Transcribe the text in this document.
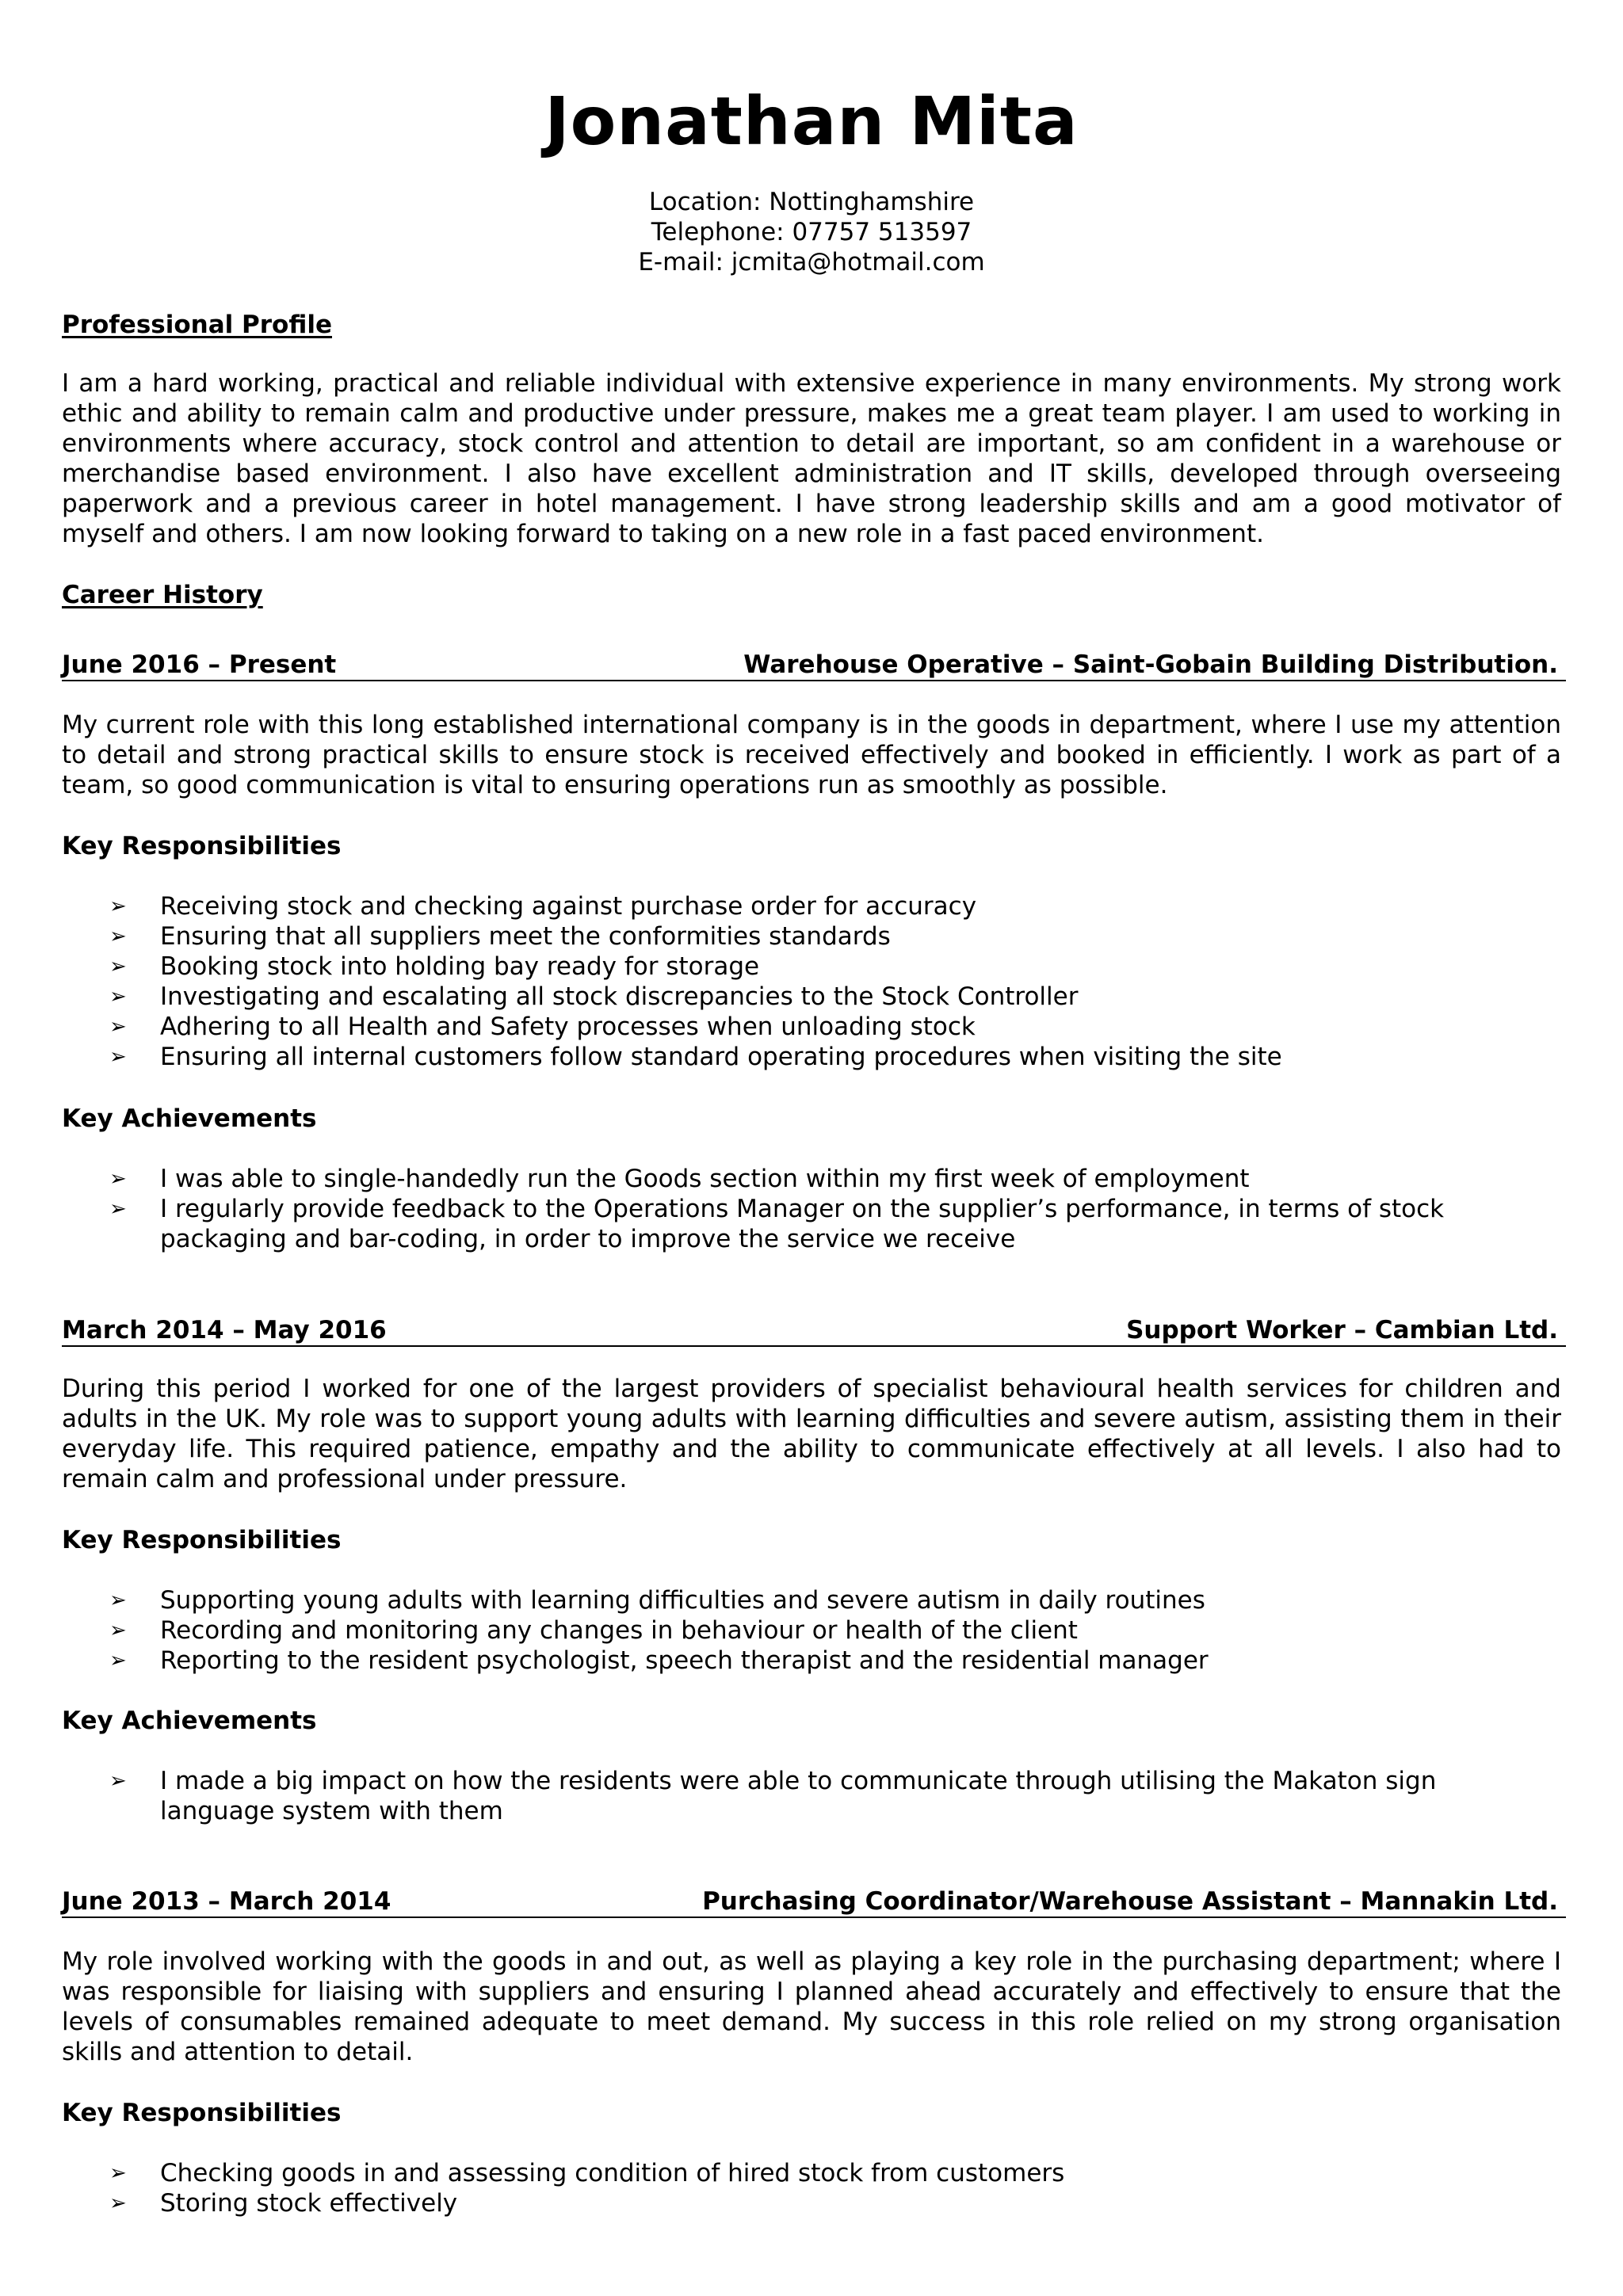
Jonathan Mita
Location: Nottinghamshire
Telephone: 07757 513597
E-mail: jcmita@hotmail.com
Professional Profile
I am a hard working, practical and reliable individual with extensive experience in many environments. My strong work ethic and ability to remain calm and productive under pressure, makes me a great team player. I am used to working in environments where accuracy, stock control and attention to detail are important, so am confident in a warehouse or merchandise based environment. I also have excellent administration and IT skills, developed through overseeing paperwork and a previous career in hotel management. I have strong leadership skills and am a good motivator of myself and others. I am now looking forward to taking on a new role in a fast paced environment.
Career History
June 2016 – Present	Warehouse Operative – Saint-Gobain Building Distribution.
My current role with this long established international company is in the goods in department, where I use my attention to detail and strong practical skills to ensure stock is received effectively and booked in efficiently. I work as part of a team, so good communication is vital to ensuring operations run as smoothly as possible.
Key Responsibilities
➢ Receiving stock and checking against purchase order for accuracy
➢ Ensuring that all suppliers meet the conformities standards
➢ Booking stock into holding bay ready for storage
➢ Investigating and escalating all stock discrepancies to the Stock Controller
➢ Adhering to all Health and Safety processes when unloading stock
➢ Ensuring all internal customers follow standard operating procedures when visiting the site
Key Achievements
➢ I was able to single-handedly run the Goods section within my first week of employment
➢ I regularly provide feedback to the Operations Manager on the supplier’s performance, in terms of stock packaging and bar-coding, in order to improve the service we receive
March 2014 – May 2016	Support Worker – Cambian Ltd.
During this period I worked for one of the largest providers of specialist behavioural health services for children and adults in the UK. My role was to support young adults with learning difficulties and severe autism, assisting them in their everyday life. This required patience, empathy and the ability to communicate effectively at all levels. I also had to remain calm and professional under pressure.
Key Responsibilities
➢ Supporting young adults with learning difficulties and severe autism in daily routines
➢ Recording and monitoring any changes in behaviour or health of the client
➢ Reporting to the resident psychologist, speech therapist and the residential manager
Key Achievements
➢ I made a big impact on how the residents were able to communicate through utilising the Makaton sign language system with them
June 2013 – March 2014	Purchasing Coordinator/Warehouse Assistant – Mannakin Ltd.
My role involved working with the goods in and out, as well as playing a key role in the purchasing department; where I was responsible for liaising with suppliers and ensuring I planned ahead accurately and effectively to ensure that the levels of consumables remained adequate to meet demand. My success in this role relied on my strong organisation skills and attention to detail.
Key Responsibilities
➢ Checking goods in and assessing condition of hired stock from customers
➢ Storing stock effectively
